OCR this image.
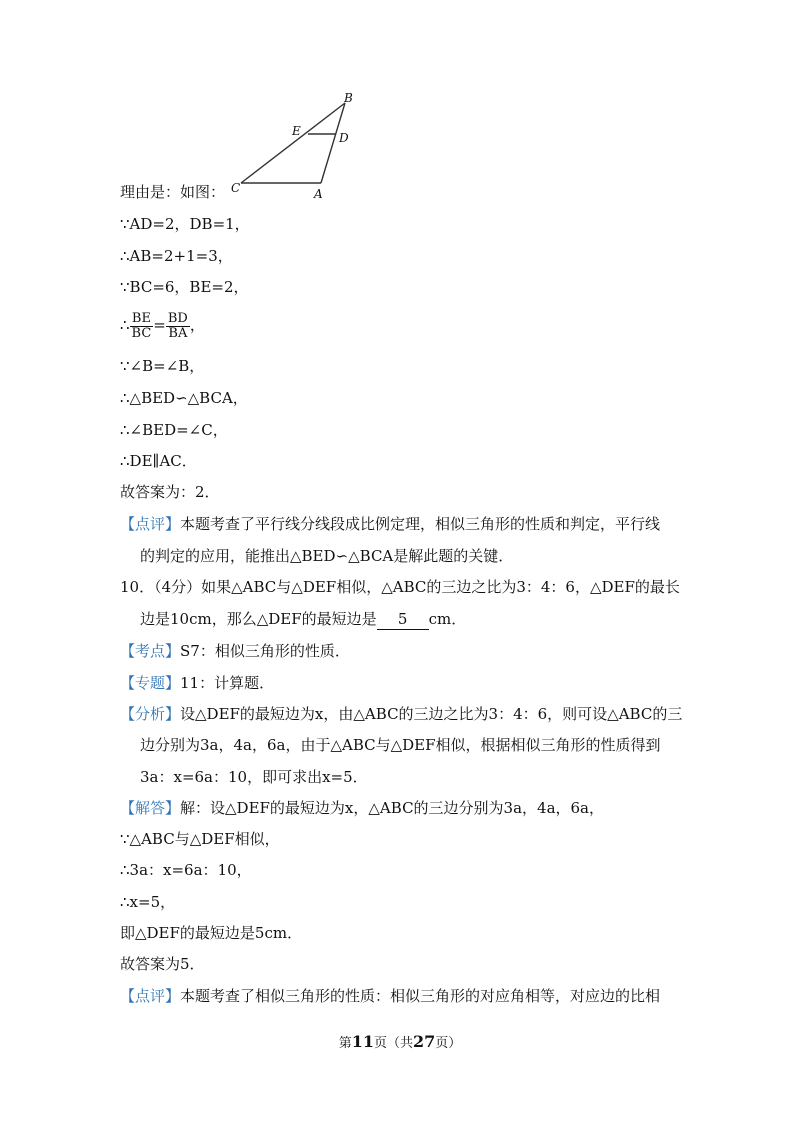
B
E	D
C	A
理由是：如图：
∵AD=2，DB=1，
∴AB=2+1=3，
∵BC=6，BE=2，
∴ $\frac{BE}{BC} = \frac{BD}{BA}$ ，
∵∠B=∠B，
∴△BED∽△BCA，
∴∠BED=∠C，
∴DE∥AC．
故答案为：2．
【点评】本题考查了平行线分线段成比例定理，相似三角形的性质和判定，平行线
的判定的应用，能推出△BED∽△BCA是解此题的关键．
10．（4分）如果△ABC与△DEF相似，△ABC的三边之比为3：4：6，△DEF的最长
边是10cm，那么△DEF的最短边是 5 cm．
【考点】S7：相似三角形的性质．
【专题】11：计算题．
【分析】设△DEF的最短边为x，由△ABC的三边之比为3：4：6，则可设△ABC的三
边分别为3a，4a，6a，由于△ABC与△DEF相似，根据相似三角形的性质得到
3a：x=6a：10，即可求出x=5．
【解答】解：设△DEF的最短边为x，△ABC的三边分别为3a，4a，6a，
∵△ABC与△DEF相似，
∴3a：x=6a：10，
∴x=5，
即△DEF的最短边是5cm．
故答案为5．
【点评】本题考查了相似三角形的性质：相似三角形的对应角相等，对应边的比相
第11页（共27页）
